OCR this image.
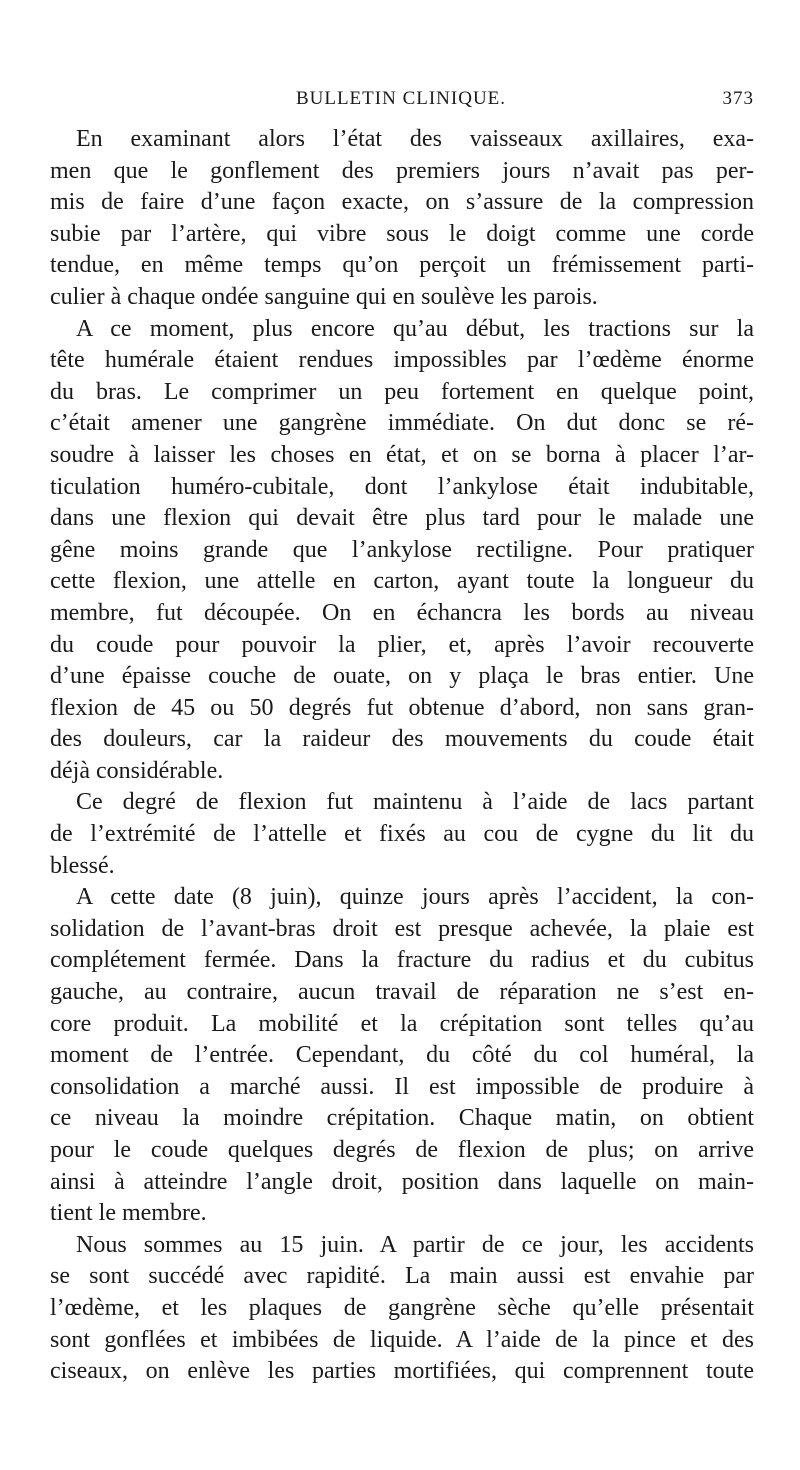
BULLETIN CLINIQUE.	373
En examinant alors l’état des vaisseaux axillaires, exa-
men que le gonflement des premiers jours n’avait pas per-
mis de faire d’une façon exacte, on s’assure de la compression
subie par l’artère, qui vibre sous le doigt comme une corde
tendue, en même temps qu’on perçoit un frémissement parti-
culier à chaque ondée sanguine qui en soulève les parois.
A ce moment, plus encore qu’au début, les tractions sur la
tête humérale étaient rendues impossibles par l’œdème énorme
du bras. Le comprimer un peu fortement en quelque point,
c’était amener une gangrène immédiate. On dut donc se ré-
soudre à laisser les choses en état, et on se borna à placer l’ar-
ticulation huméro-cubitale, dont l’ankylose était indubitable,
dans une flexion qui devait être plus tard pour le malade une
gêne moins grande que l’ankylose rectiligne. Pour pratiquer
cette flexion, une attelle en carton, ayant toute la longueur du
membre, fut découpée. On en échancra les bords au niveau
du coude pour pouvoir la plier, et, après l’avoir recouverte
d’une épaisse couche de ouate, on y plaça le bras entier. Une
flexion de 45 ou 50 degrés fut obtenue d’abord, non sans gran-
des douleurs, car la raideur des mouvements du coude était
déjà considérable.
Ce degré de flexion fut maintenu à l’aide de lacs partant
de l’extrémité de l’attelle et fixés au cou de cygne du lit du
blessé.
A cette date (8 juin), quinze jours après l’accident, la con-
solidation de l’avant-bras droit est presque achevée, la plaie est
complétement fermée. Dans la fracture du radius et du cubitus
gauche, au contraire, aucun travail de réparation ne s’est en-
core produit. La mobilité et la crépitation sont telles qu’au
moment de l’entrée. Cependant, du côté du col huméral, la
consolidation a marché aussi. Il est impossible de produire à
ce niveau la moindre crépitation. Chaque matin, on obtient
pour le coude quelques degrés de flexion de plus; on arrive
ainsi à atteindre l’angle droit, position dans laquelle on main-
tient le membre.
Nous sommes au 15 juin. A partir de ce jour, les accidents
se sont succédé avec rapidité. La main aussi est envahie par
l’œdème, et les plaques de gangrène sèche qu’elle présentait
sont gonflées et imbibées de liquide. A l’aide de la pince et des
ciseaux, on enlève les parties mortifiées, qui comprennent toute
